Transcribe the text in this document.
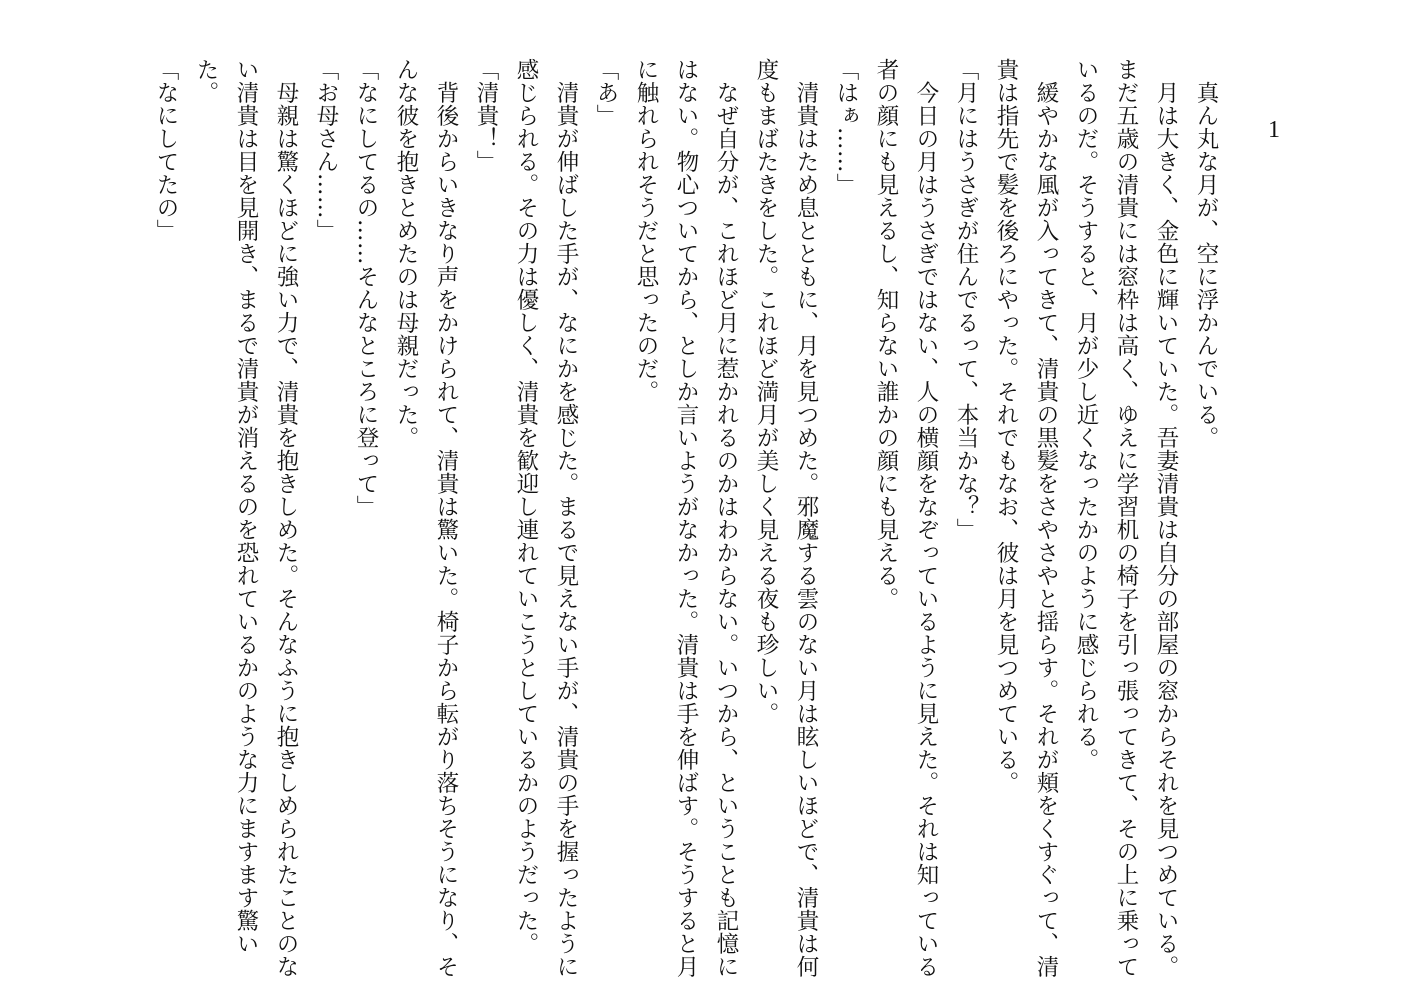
1

真ん丸な月が、空に浮かんでいる。

月は大きく、金色に輝いていた。吾妻清貴は自分の部屋の窓からそれを見つめている。まだ五歳の清貴には窓枠は高く、ゆえに学習机の椅子を引っ張ってきて、その上に乗っているのだ。そうすると、月が少し近くなったかのように感じられる。

緩やかな風が入ってきて、清貴の黒髪をさやさやと揺らす。それが頬をくすぐって、清貴は指先で髪を後ろにやった。それでもなお、彼は月を見つめている。

「月にはうさぎが住んでるって、本当かな？」

今日の月はうさぎではない、人の横顔をなぞっているように見えた。それは知っている者の顔にも見えるし、知らない誰かの顔にも見える。

「はぁ……」

清貴はため息とともに、月を見つめた。邪魔する雲のない月は眩しいほどで、清貴は何度もまばたきをした。これほど満月が美しく見える夜も珍しい。

なぜ自分が、これほど月に惹かれるのかはわからない。いつから、ということも記憶にはない。物心ついてから、としか言いようがなかった。清貴は手を伸ばす。そうすると月に触れられそうだと思ったのだ。

「あ」

清貴が伸ばした手が、なにかを感じた。まるで見えない手が、清貴の手を握ったように感じられる。その力は優しく、清貴を歓迎し連れていこうとしているかのようだった。

「清貴！」

背後からいきなり声をかけられて、清貴は驚いた。椅子から転がり落ちそうになり、そんな彼を抱きとめたのは母親だった。

「なにしてるの……そんなところに登って」

「お母さん……」

母親は驚くほどに強い力で、清貴を抱きしめた。そんなふうに抱きしめられたことのない清貴は目を見開き、まるで清貴が消えるのを恐れているかのような力にますます驚いた。

「なにしてたの」
